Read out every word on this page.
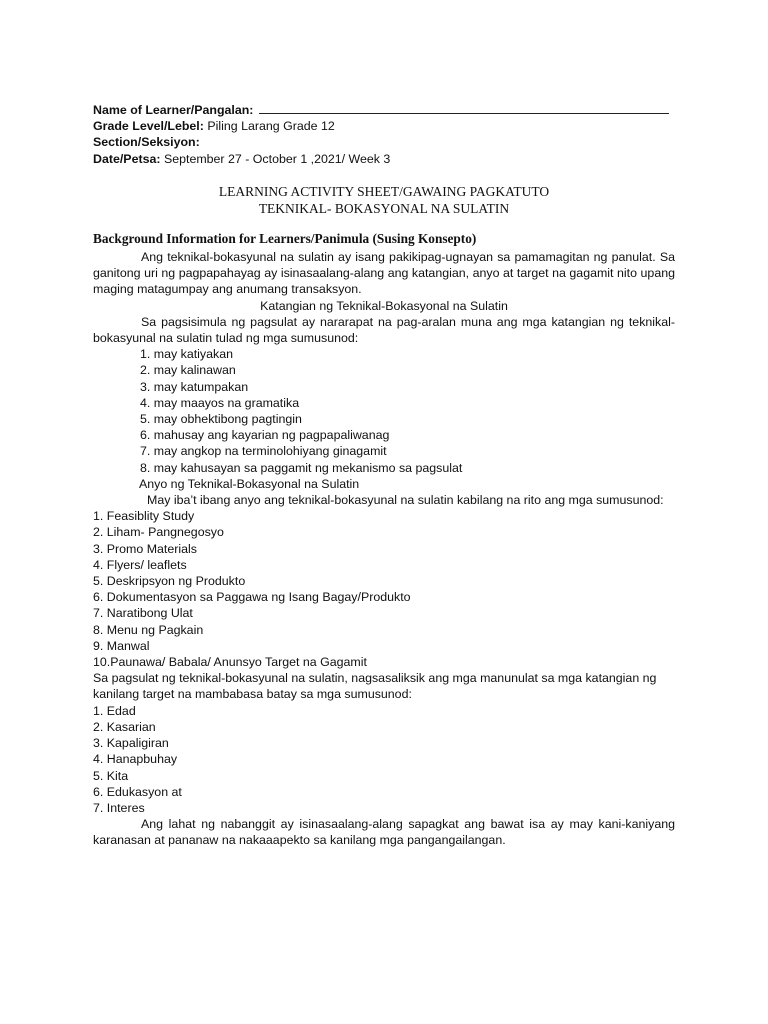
Name of Learner/Pangalan:
Grade Level/Lebel: Piling Larang Grade 12
Section/Seksiyon:
Date/Petsa: September 27 - October 1 ,2021/ Week 3
LEARNING ACTIVITY SHEET/GAWAING PAGKATUTO
TEKNIKAL- BOKASYONAL NA SULATIN
Background Information for Learners/Panimula (Susing Konsepto)
Ang teknikal-bokasyunal na sulatin ay isang pakikipag-ugnayan sa pamamagitan ng panulat. Sa ganitong uri ng pagpapahayag ay isinasaalang-alang ang katangian, anyo at target na gagamit nito upang maging matagumpay ang anumang transaksyon.
Katangian ng Teknikal-Bokasyonal na Sulatin
Sa pagsisimula ng pagsulat ay nararapat na pag-aralan muna ang mga katangian ng teknikal-bokasyunal na sulatin tulad ng mga sumusunod:
1. may katiyakan
2. may kalinawan
3. may katumpakan
4. may maayos na gramatika
5. may obhektibong pagtingin
6. mahusay ang kayarian ng pagpapaliwanag
7. may angkop na terminolohiyang ginagamit
8. may kahusayan sa paggamit ng mekanismo sa pagsulat
Anyo ng Teknikal-Bokasyonal na Sulatin
May iba’t ibang anyo ang teknikal-bokasyunal na sulatin kabilang na rito ang mga sumusunod:
1. Feasiblity Study
2. Liham- Pangnegosyo
3. Promo Materials
4. Flyers/ leaflets
5. Deskripsyon ng Produkto
6. Dokumentasyon sa Paggawa ng Isang Bagay/Produkto
7. Naratibong Ulat
8. Menu ng Pagkain
9. Manwal
10.Paunawa/ Babala/ Anunsyo Target na Gagamit
Sa pagsulat ng teknikal-bokasyunal na sulatin, nagsasaliksik ang mga manunulat sa mga katangian ng kanilang target na mambabasa batay sa mga sumusunod:
1. Edad
2. Kasarian
3. Kapaligiran
4. Hanapbuhay
5. Kita
6. Edukasyon at
7. Interes
Ang lahat ng nabanggit ay isinasaalang-alang sapagkat ang bawat isa ay may kani-kaniyang karanasan at pananaw na nakaaapekto sa kanilang mga pangangailangan.
